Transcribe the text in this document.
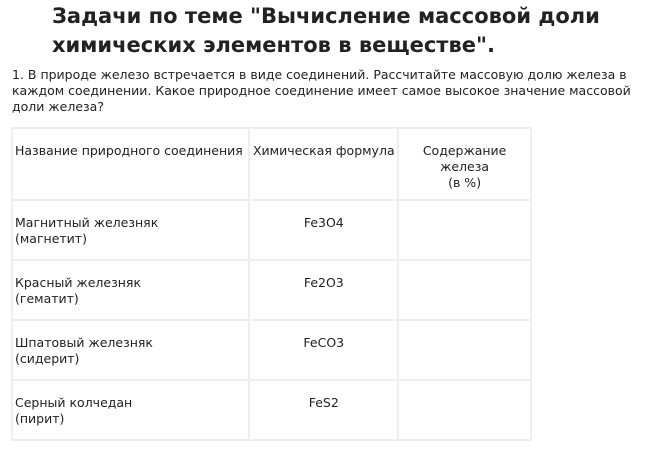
Задачи по теме "Вычисление массовой доли
химических элементов в веществе".
1. В природе железо встречается в виде соединений. Рассчитайте массовую долю железа в
каждом соединении. Какое природное соединение имеет самое высокое значение массовой
доли железа?
Название природного соединения	Химическая формула	Содержание железа
(в %)

Магнитный железняк
(магнетит)	Fe3O4	

Красный железняк
(гематит)	Fe2O3	

Шпатовый железняк
(сидерит)	FeCO3	

Серный колчедан
(пирит)	FeS2	
